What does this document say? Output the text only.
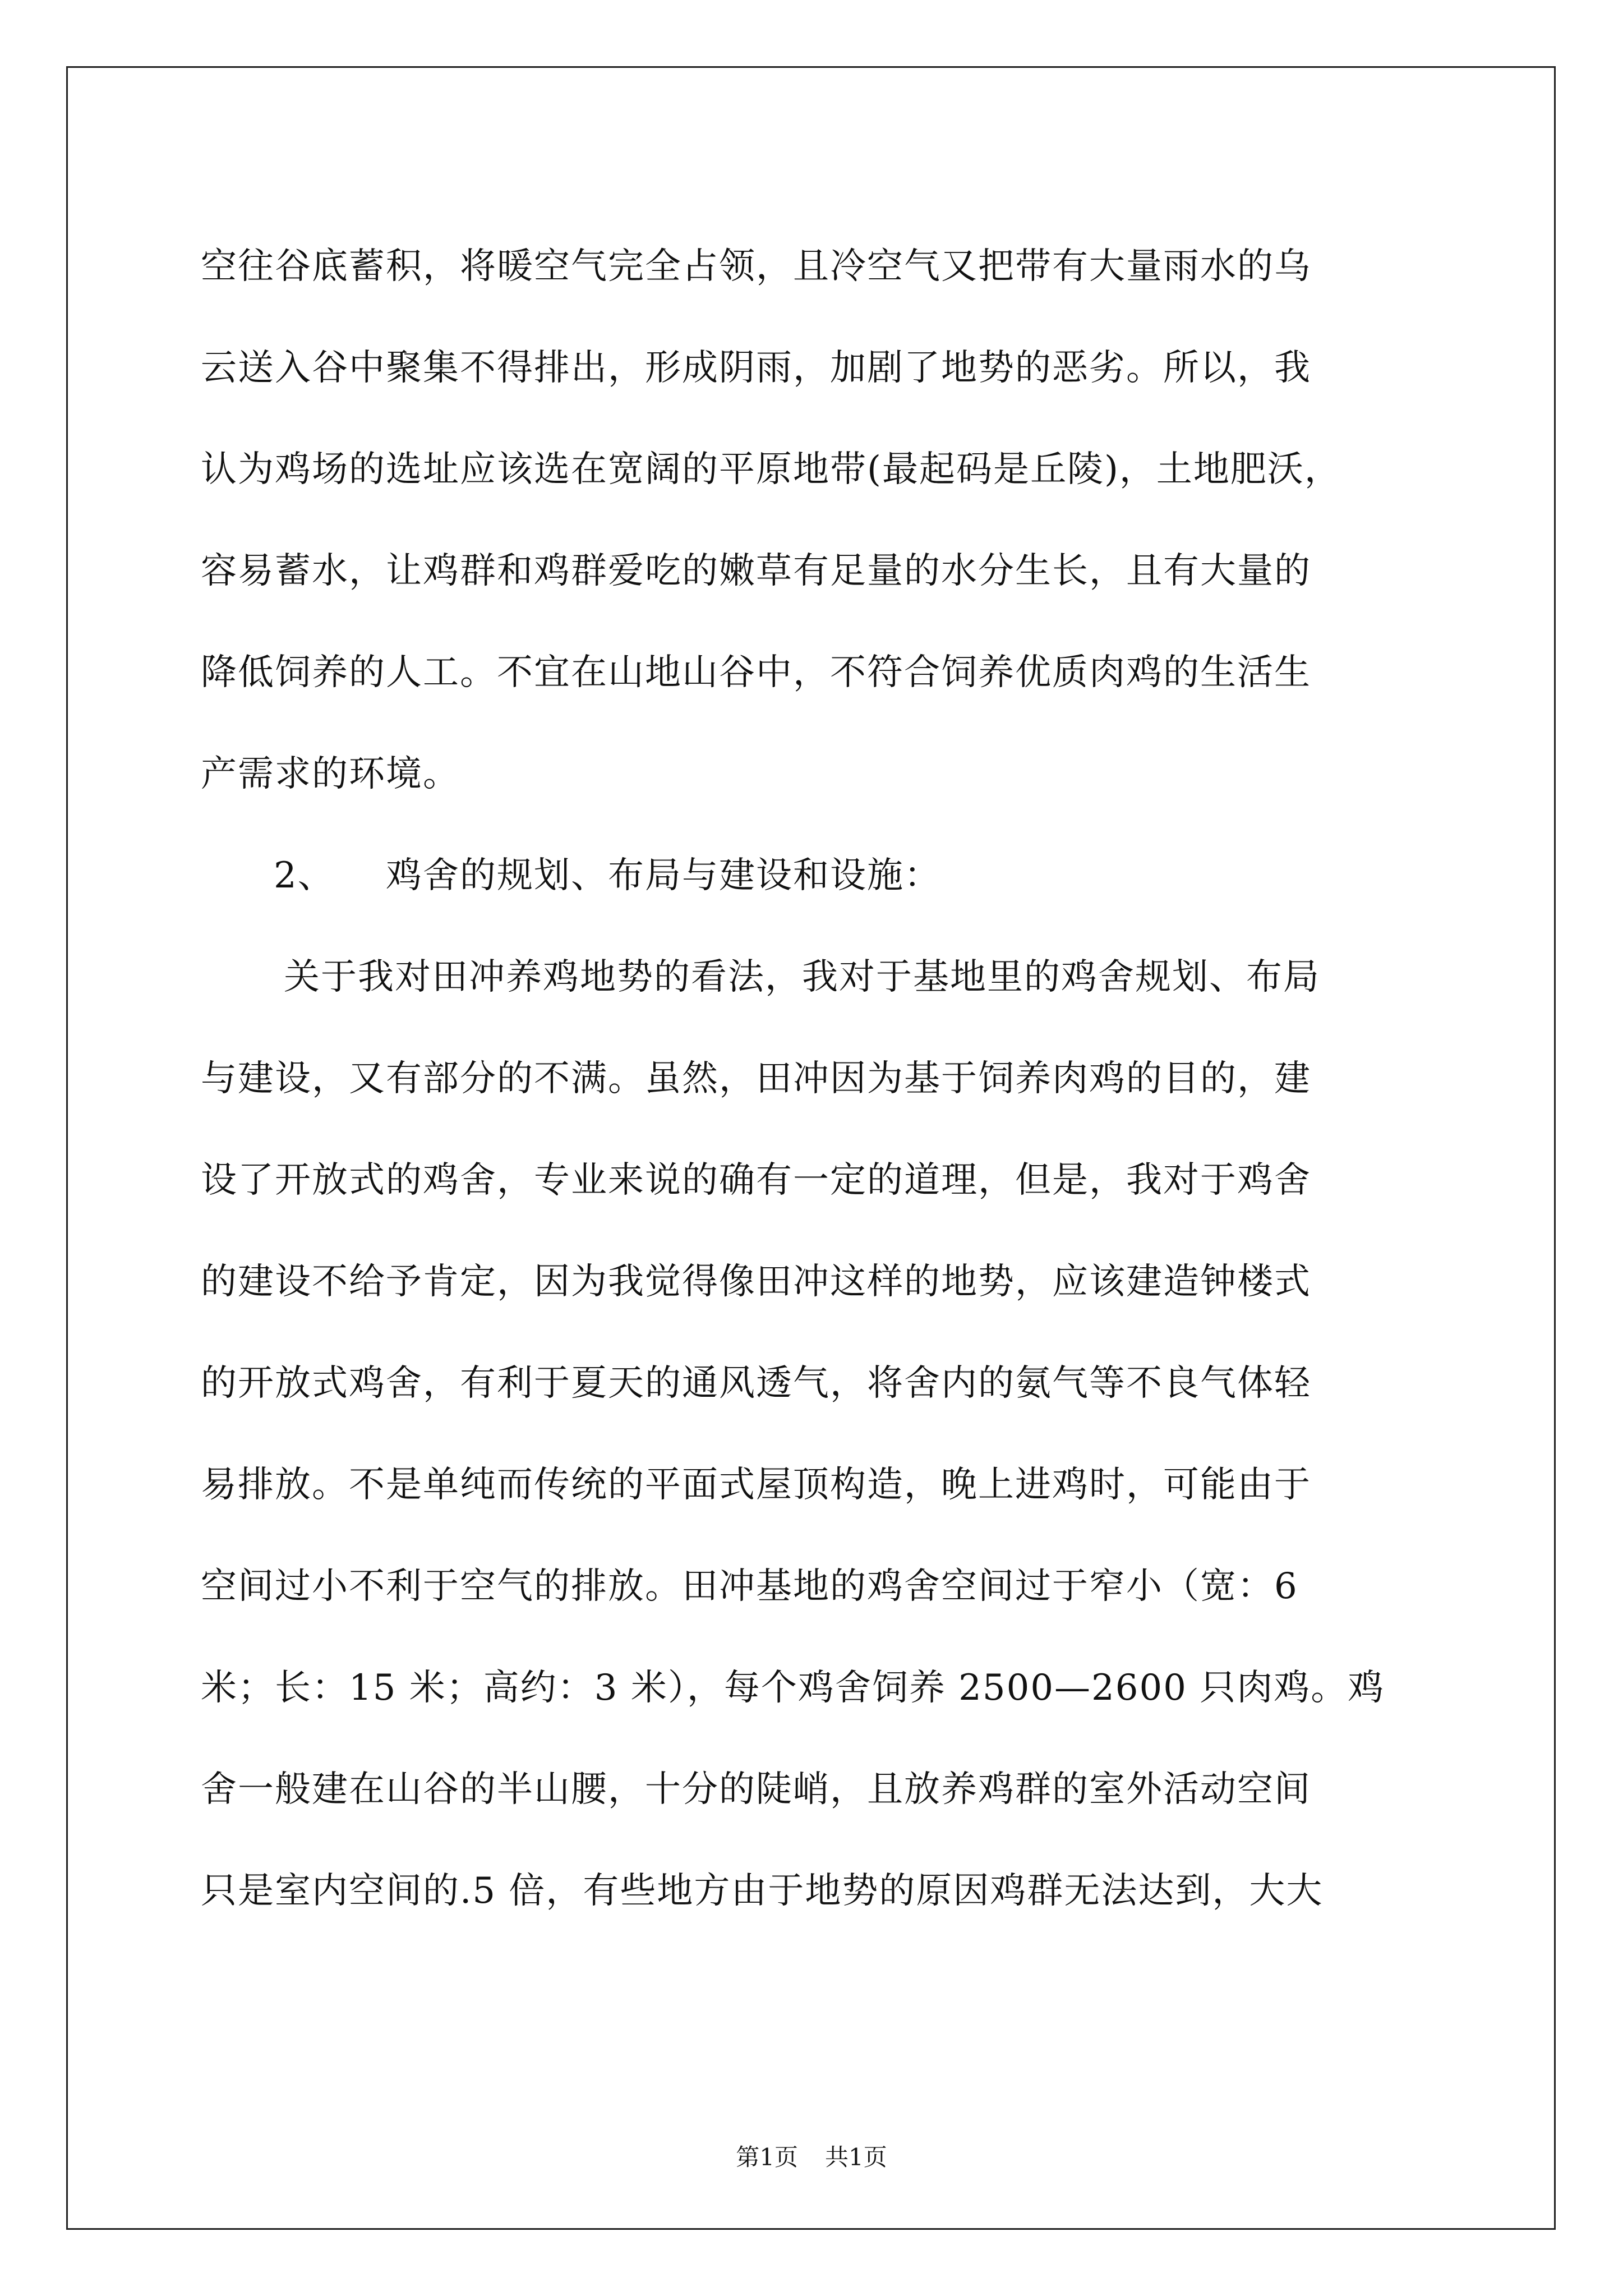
空往谷底蓄积，将暖空气完全占领，且冷空气又把带有大量雨水的乌
云送入谷中聚集不得排出，形成阴雨，加剧了地势的恶劣。所以，我
认为鸡场的选址应该选在宽阔的平原地带(最起码是丘陵)，土地肥沃，
容易蓄水，让鸡群和鸡群爱吃的嫩草有足量的水分生长，且有大量的
降低饲养的人工。不宜在山地山谷中，不符合饲养优质肉鸡的生活生
产需求的环境。
2、 鸡舍的规划、布局与建设和设施：
关于我对田冲养鸡地势的看法，我对于基地里的鸡舍规划、布局
与建设，又有部分的不满。虽然，田冲因为基于饲养肉鸡的目的，建
设了开放式的鸡舍，专业来说的确有一定的道理，但是，我对于鸡舍
的建设不给予肯定，因为我觉得像田冲这样的地势，应该建造钟楼式
的开放式鸡舍，有利于夏天的通风透气，将舍内的氨气等不良气体轻
易排放。不是单纯而传统的平面式屋顶构造，晚上进鸡时，可能由于
空间过小不利于空气的排放。田冲基地的鸡舍空间过于窄小（宽：6
米；长：15 米；高约：3 米），每个鸡舍饲养 2500—2600 只肉鸡。鸡
舍一般建在山谷的半山腰，十分的陡峭，且放养鸡群的室外活动空间
只是室内空间的.5 倍，有些地方由于地势的原因鸡群无法达到，大大
第1页 共1页
